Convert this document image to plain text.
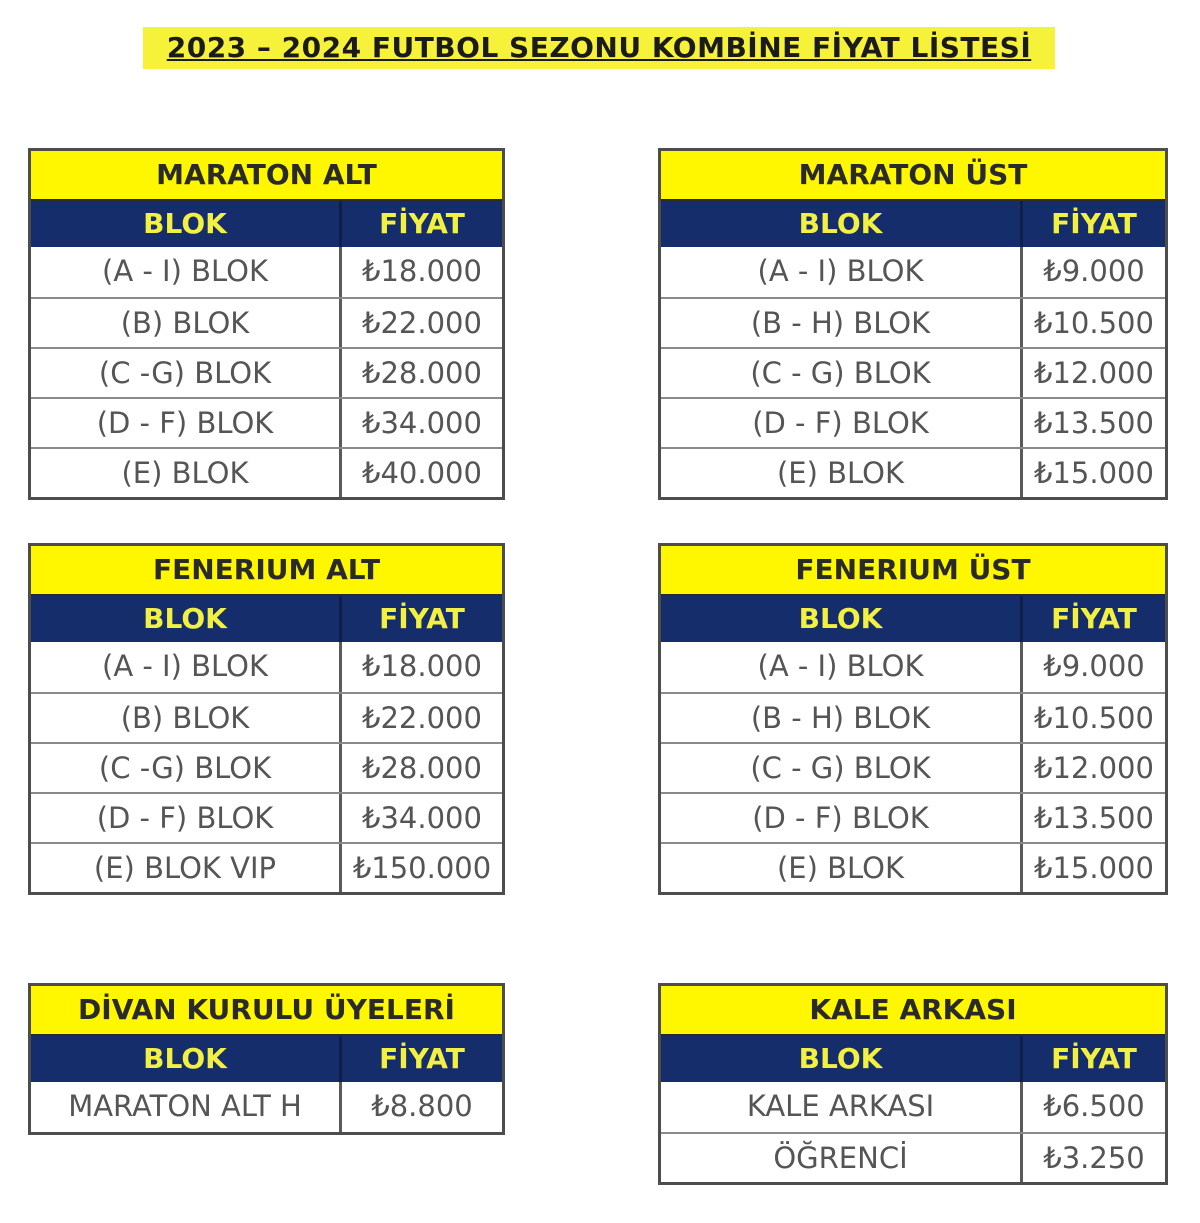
2023 – 2024 FUTBOL SEZONU KOMBİNE FİYAT LİSTESİ
MARATON ALT
BLOK	FİYAT
(A - I) BLOK	₺18.000
(B) BLOK	₺22.000
(C -G) BLOK	₺28.000
(D - F) BLOK	₺34.000
(E) BLOK	₺40.000
MARATON ÜST
BLOK	FİYAT
(A - I) BLOK	₺9.000
(B - H) BLOK	₺10.500
(C - G) BLOK	₺12.000
(D - F) BLOK	₺13.500
(E) BLOK	₺15.000
FENERIUM ALT
BLOK	FİYAT
(A - I) BLOK	₺18.000
(B) BLOK	₺22.000
(C -G) BLOK	₺28.000
(D - F) BLOK	₺34.000
(E) BLOK VIP	₺150.000
FENERIUM ÜST
BLOK	FİYAT
(A - I) BLOK	₺9.000
(B - H) BLOK	₺10.500
(C - G) BLOK	₺12.000
(D - F) BLOK	₺13.500
(E) BLOK	₺15.000
DİVAN KURULU ÜYELERİ
BLOK	FİYAT
MARATON ALT H	₺8.800
KALE ARKASI
BLOK	FİYAT
KALE ARKASI	₺6.500
ÖĞRENCİ	₺3.250
